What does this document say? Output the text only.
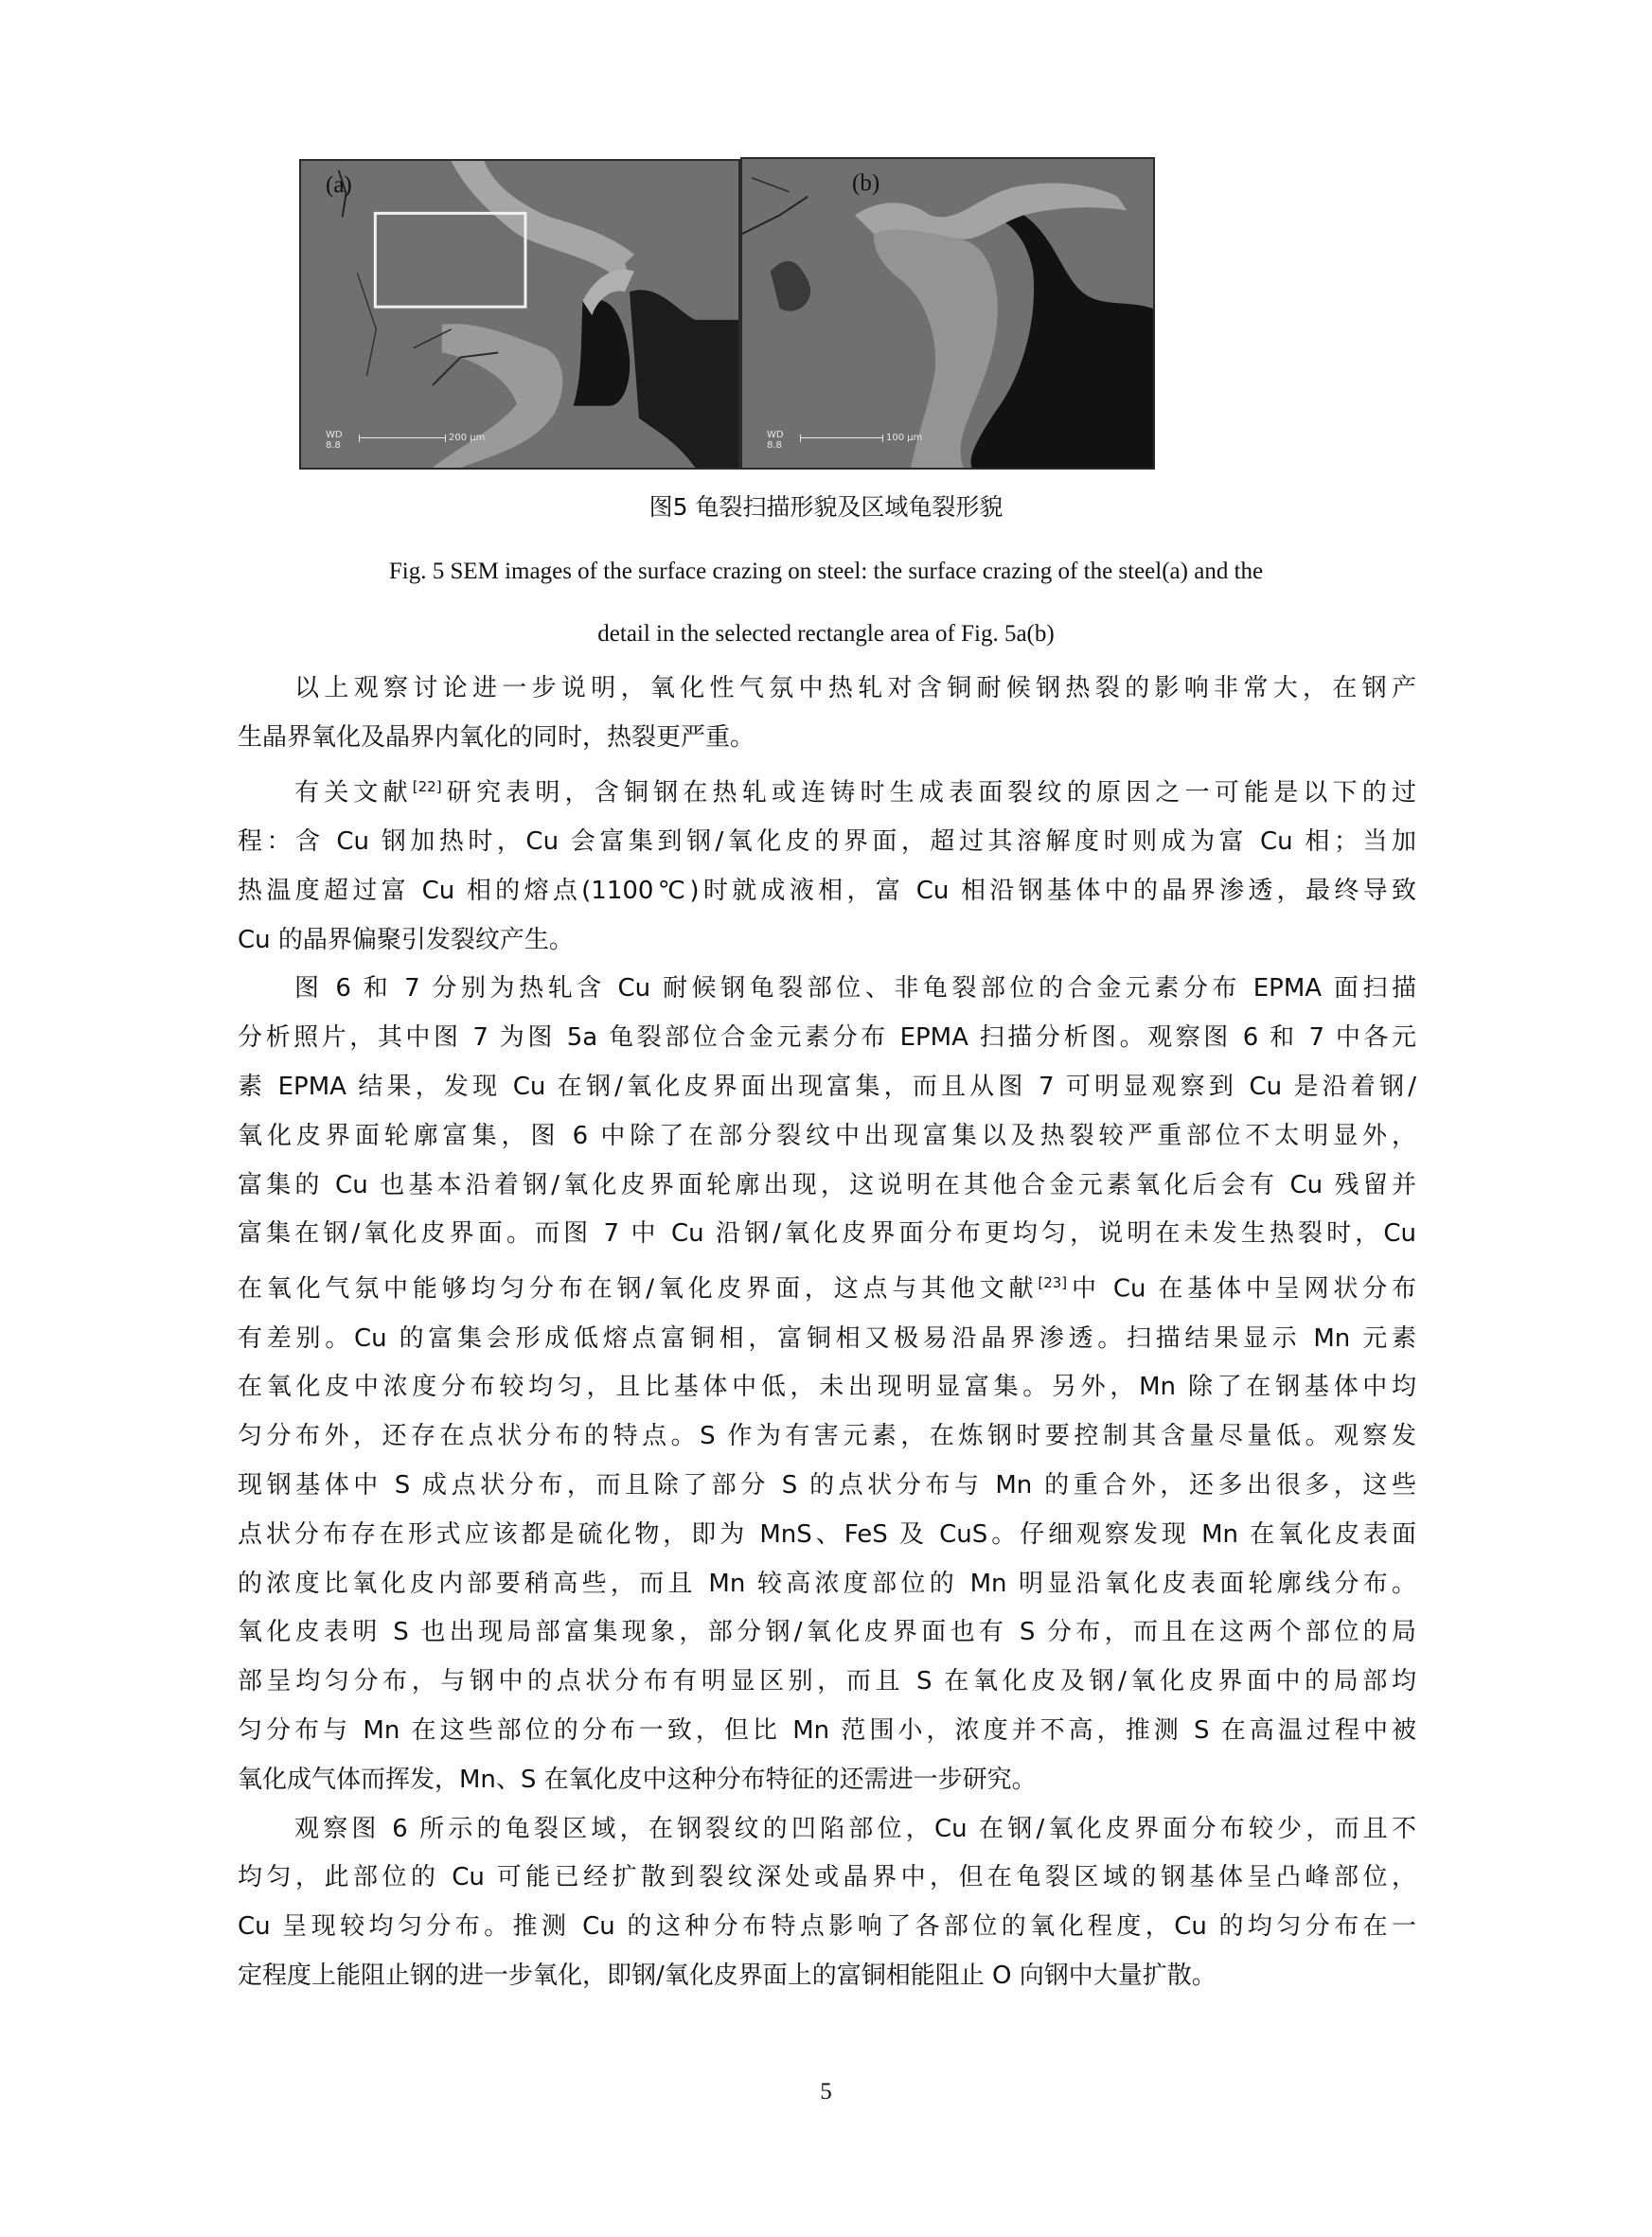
(a)
WD
8.8  200 μm
(b)
WD
8.8  100 μm
图5 龟裂扫描形貌及区域龟裂形貌
Fig. 5 SEM images of the surface crazing on steel: the surface crazing of the steel(a) and the
detail in the selected rectangle area of Fig. 5a(b)
以上观察讨论进一步说明，氧化性气氛中热轧对含铜耐候钢热裂的影响非常大，在钢产
生晶界氧化及晶界内氧化的同时，热裂更严重。
有关文献[22]研究表明，含铜钢在热轧或连铸时生成表面裂纹的原因之一可能是以下的过
程：含 Cu 钢加热时，Cu 会富集到钢/氧化皮的界面，超过其溶解度时则成为富 Cu 相；当加
热温度超过富 Cu 相的熔点(1100℃)时就成液相，富 Cu 相沿钢基体中的晶界渗透，最终导致
Cu 的晶界偏聚引发裂纹产生。
图 6 和 7 分别为热轧含 Cu 耐候钢龟裂部位、非龟裂部位的合金元素分布 EPMA 面扫描
分析照片，其中图 7 为图 5a 龟裂部位合金元素分布 EPMA 扫描分析图。观察图 6 和 7 中各元
素 EPMA 结果，发现 Cu 在钢/氧化皮界面出现富集，而且从图 7 可明显观察到 Cu 是沿着钢/
氧化皮界面轮廓富集，图 6 中除了在部分裂纹中出现富集以及热裂较严重部位不太明显外，
富集的 Cu 也基本沿着钢/氧化皮界面轮廓出现，这说明在其他合金元素氧化后会有 Cu 残留并
富集在钢/氧化皮界面。而图 7 中 Cu 沿钢/氧化皮界面分布更均匀，说明在未发生热裂时，Cu
在氧化气氛中能够均匀分布在钢/氧化皮界面，这点与其他文献[23]中 Cu 在基体中呈网状分布
有差别。Cu 的富集会形成低熔点富铜相，富铜相又极易沿晶界渗透。扫描结果显示 Mn 元素
在氧化皮中浓度分布较均匀，且比基体中低，未出现明显富集。另外，Mn 除了在钢基体中均
匀分布外，还存在点状分布的特点。S 作为有害元素，在炼钢时要控制其含量尽量低。观察发
现钢基体中 S 成点状分布，而且除了部分 S 的点状分布与 Mn 的重合外，还多出很多，这些
点状分布存在形式应该都是硫化物，即为 MnS、FeS 及 CuS。仔细观察发现 Mn 在氧化皮表面
的浓度比氧化皮内部要稍高些，而且 Mn 较高浓度部位的 Mn 明显沿氧化皮表面轮廓线分布。
氧化皮表明 S 也出现局部富集现象，部分钢/氧化皮界面也有 S 分布，而且在这两个部位的局
部呈均匀分布，与钢中的点状分布有明显区别，而且 S 在氧化皮及钢/氧化皮界面中的局部均
匀分布与 Mn 在这些部位的分布一致，但比 Mn 范围小，浓度并不高，推测 S 在高温过程中被
氧化成气体而挥发，Mn、S 在氧化皮中这种分布特征的还需进一步研究。
观察图 6 所示的龟裂区域，在钢裂纹的凹陷部位，Cu 在钢/氧化皮界面分布较少，而且不
均匀，此部位的 Cu 可能已经扩散到裂纹深处或晶界中，但在龟裂区域的钢基体呈凸峰部位，
Cu 呈现较均匀分布。推测 Cu 的这种分布特点影响了各部位的氧化程度，Cu 的均匀分布在一
定程度上能阻止钢的进一步氧化，即钢/氧化皮界面上的富铜相能阻止 O 向钢中大量扩散。
5
